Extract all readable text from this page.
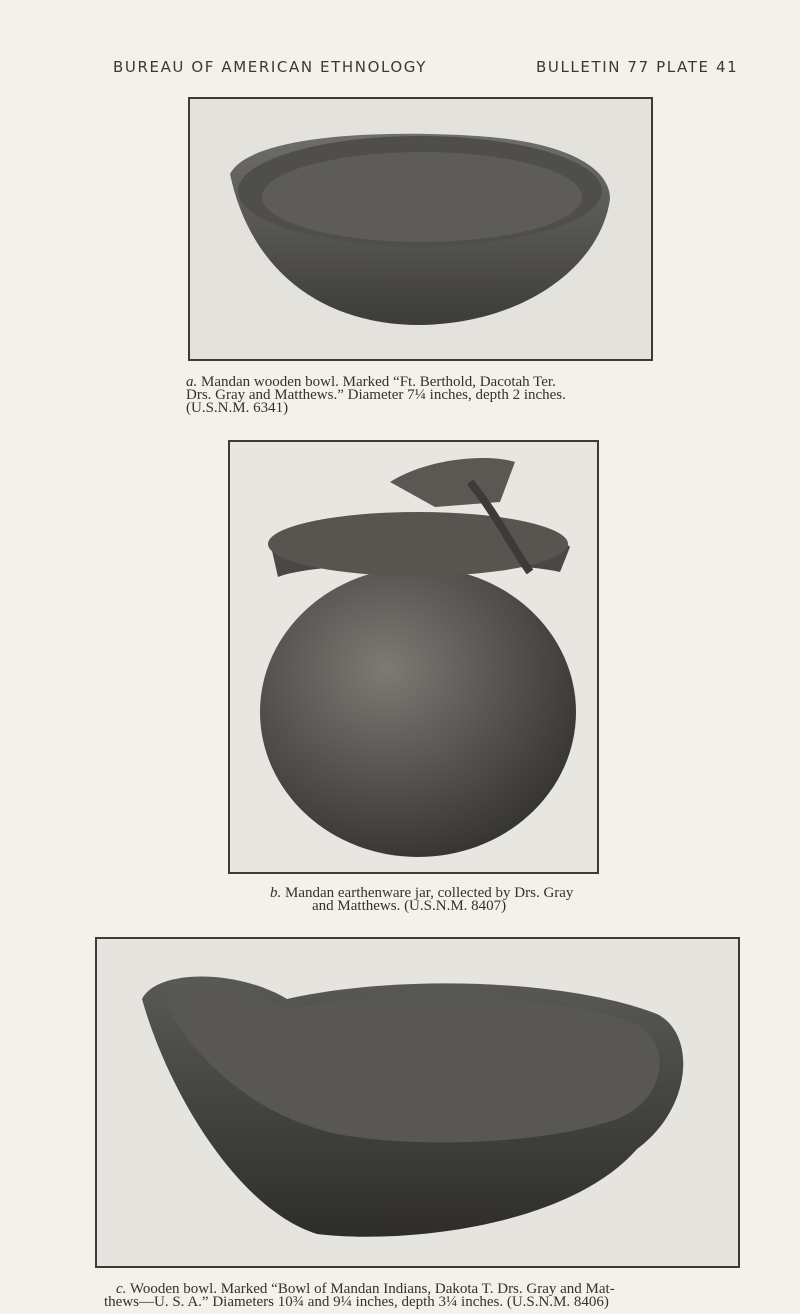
BUREAU OF AMERICAN ETHNOLOGY	BULLETIN 77 PLATE 41
a. Mandan wooden bowl. Marked “Ft. Berthold, Dacotah Ter.
Drs. Gray and Matthews.” Diameter 7¼ inches, depth 2 inches.
(U.S.N.M. 6341)
b. Mandan earthenware jar, collected by Drs. Gray
and Matthews. (U.S.N.M. 8407)
c. Wooden bowl. Marked “Bowl of Mandan Indians, Dakota T. Drs. Gray and Mat-
thews—U. S. A.” Diameters 10¾ and 9¼ inches, depth 3¼ inches. (U.S.N.M. 8406)
